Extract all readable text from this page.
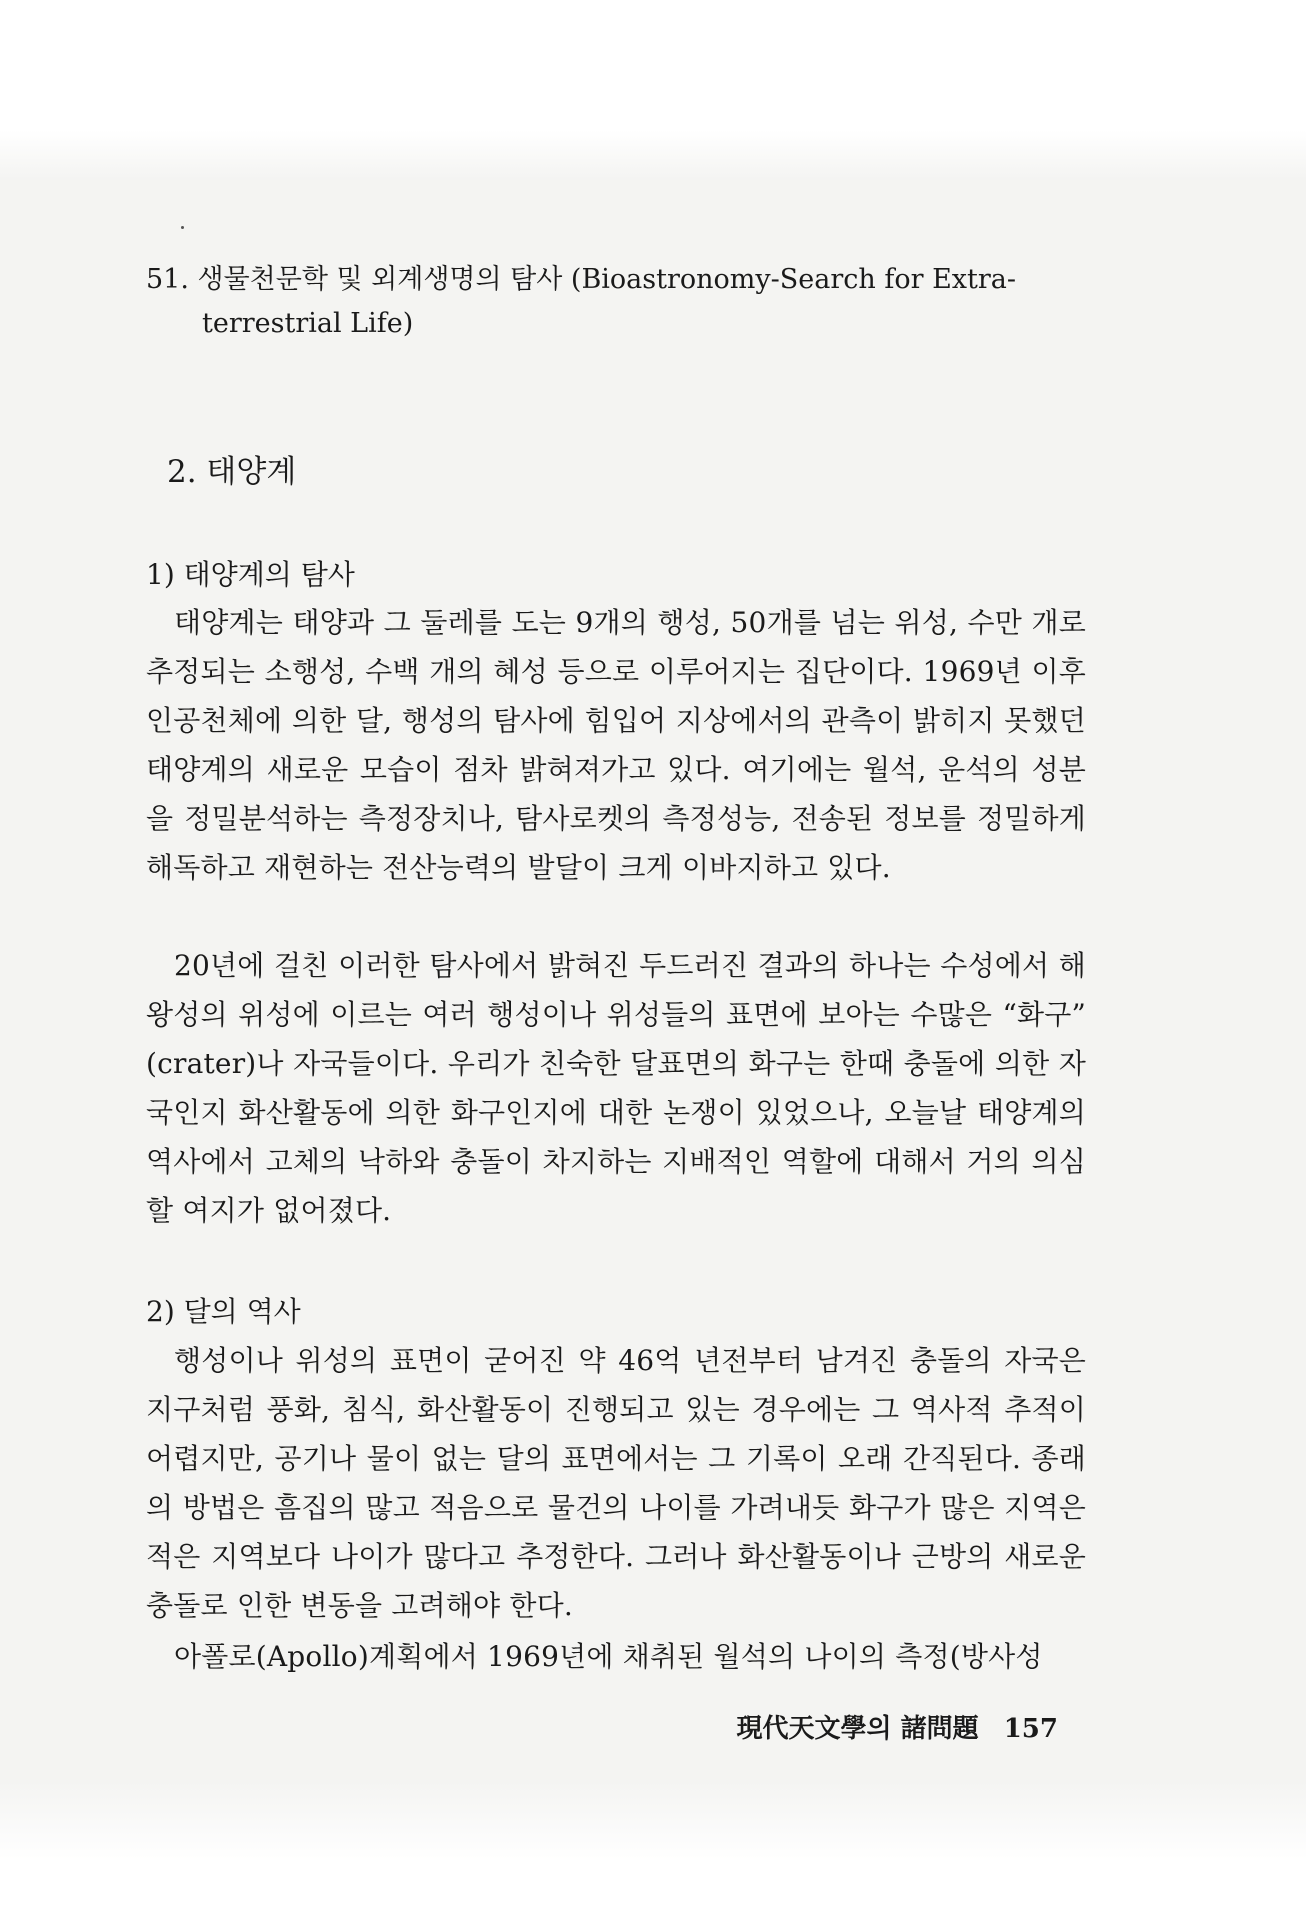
51. 생물천문학 및 외계생명의 탐사 (Bioastronomy-Search for Extra-
terrestrial Life)

2. 태양계
1) 태양계의 탐사

태양계는 태양과 그 둘레를 도는 9개의 행성, 50개를 넘는 위성, 수만 개로 추정되는 소행성, 수백 개의 혜성 등으로 이루어지는 집단이다. 1969년 이후 인공천체에 의한 달, 행성의 탐사에 힘입어 지상에서의 관측이 밝히지 못했던 태양계의 새로운 모습이 점차 밝혀져가고 있다. 여기에는 월석, 운석의 성분을 정밀분석하는 측정장치나, 탐사로켓의 측정성능, 전송된 정보를 정밀하게 해독하고 재현하는 전산능력의 발달이 크게 이바지하고 있다.

20년에 걸친 이러한 탐사에서 밝혀진 두드러진 결과의 하나는 수성에서 해왕성의 위성에 이르는 여러 행성이나 위성들의 표면에 보아는 수많은 “화구” (crater)나 자국들이다. 우리가 친숙한 달표면의 화구는 한때 충돌에 의한 자국인지 화산활동에 의한 화구인지에 대한 논쟁이 있었으나, 오늘날 태양계의 역사에서 고체의 낙하와 충돌이 차지하는 지배적인 역할에 대해서 거의 의심할 여지가 없어졌다.

2) 달의 역사

행성이나 위성의 표면이 굳어진 약 46억 년전부터 남겨진 충돌의 자국은 지구처럼 풍화, 침식, 화산활동이 진행되고 있는 경우에는 그 역사적 추적이 어렵지만, 공기나 물이 없는 달의 표면에서는 그 기록이 오래 간직된다. 종래의 방법은 흠집의 많고 적음으로 물건의 나이를 가려내듯 화구가 많은 지역은 적은 지역보다 나이가 많다고 추정한다. 그러나 화산활동이나 근방의 새로운 충돌로 인한 변동을 고려해야 한다.

아폴로(Apollo)계획에서 1969년에 채취된 월석의 나이의 측정(방사성

現代天文學의 諸問題 157
